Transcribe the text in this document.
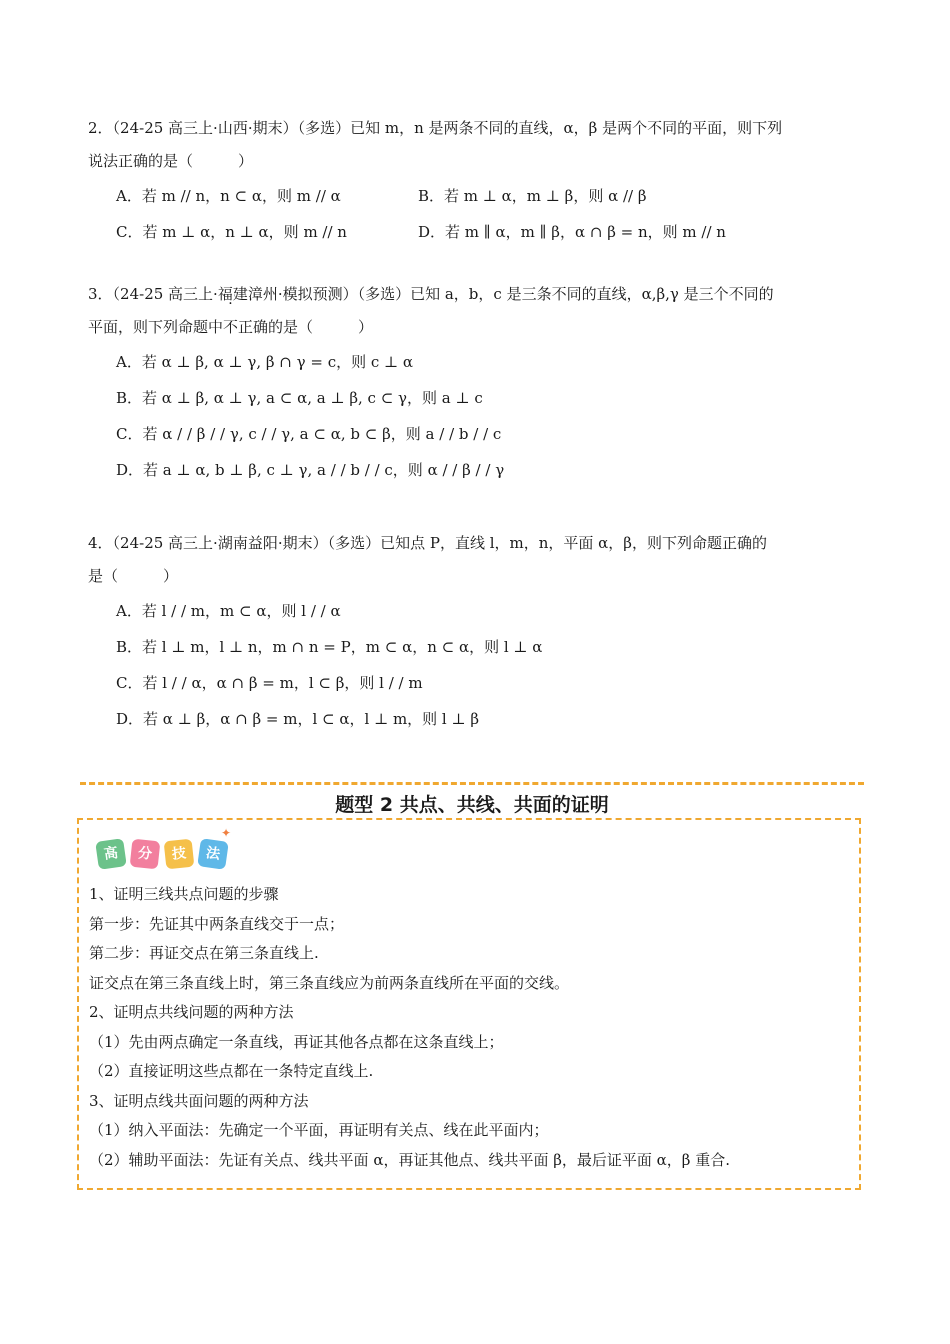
2．（24-25 高三上·山西·期末）（多选）已知 m，n 是两条不同的直线，α，β 是两个不同的平面，则下列
说法正确的是（　　　）

A．若 m // n，n ⊂ α，则 m // α	B．若 m ⊥ α，m ⊥ β，则 α // β
C．若 m ⊥ α，n ⊥ α，则 m // n	D．若 m ∥ α，m ∥ β，α ∩ β = n，则 m // n

3．（24-25 高三上·福建漳州·模拟预测）（多选）已知 a，b，c 是三条不同的直线，α,β,γ 是三个不同的
平面，则下列命题中不正确的是（　　　）

A．若 α ⊥ β, α ⊥ γ, β ∩ γ = c，则 c ⊥ α
B．若 α ⊥ β, α ⊥ γ, a ⊂ α, a ⊥ β, c ⊂ γ，则 a ⊥ c
C．若 α / / β / / γ, c / / γ, a ⊂ α, b ⊂ β，则 a / / b / / c
D．若 a ⊥ α, b ⊥ β, c ⊥ γ, a / / b / / c，则 α / / β / / γ

4．（24-25 高三上·湖南益阳·期末）（多选）已知点 P，直线 l，m，n，平面 α，β，则下列命题正确的
是（　　　）

A．若 l / / m，m ⊂ α，则 l / / α
B．若 l ⊥ m，l ⊥ n，m ∩ n = P，m ⊂ α，n ⊂ α，则 l ⊥ α
C．若 l / / α，α ∩ β = m，l ⊂ β，则 l / / m
D．若 α ⊥ β，α ∩ β = m，l ⊂ α，l ⊥ m，则 l ⊥ β
题型 2 共点、共线、共面的证明
高	分	技	法
✦
1、证明三线共点问题的步骤
第一步：先证其中两条直线交于一点；
第二步：再证交点在第三条直线上.
证交点在第三条直线上时，第三条直线应为前两条直线所在平面的交线。
2、证明点共线问题的两种方法
（1）先由两点确定一条直线，再证其他各点都在这条直线上；
（2）直接证明这些点都在一条特定直线上.
3、证明点线共面问题的两种方法
（1）纳入平面法：先确定一个平面，再证明有关点、线在此平面内；
（2）辅助平面法：先证有关点、线共平面 α，再证其他点、线共平面 β，最后证平面 α，β 重合.
